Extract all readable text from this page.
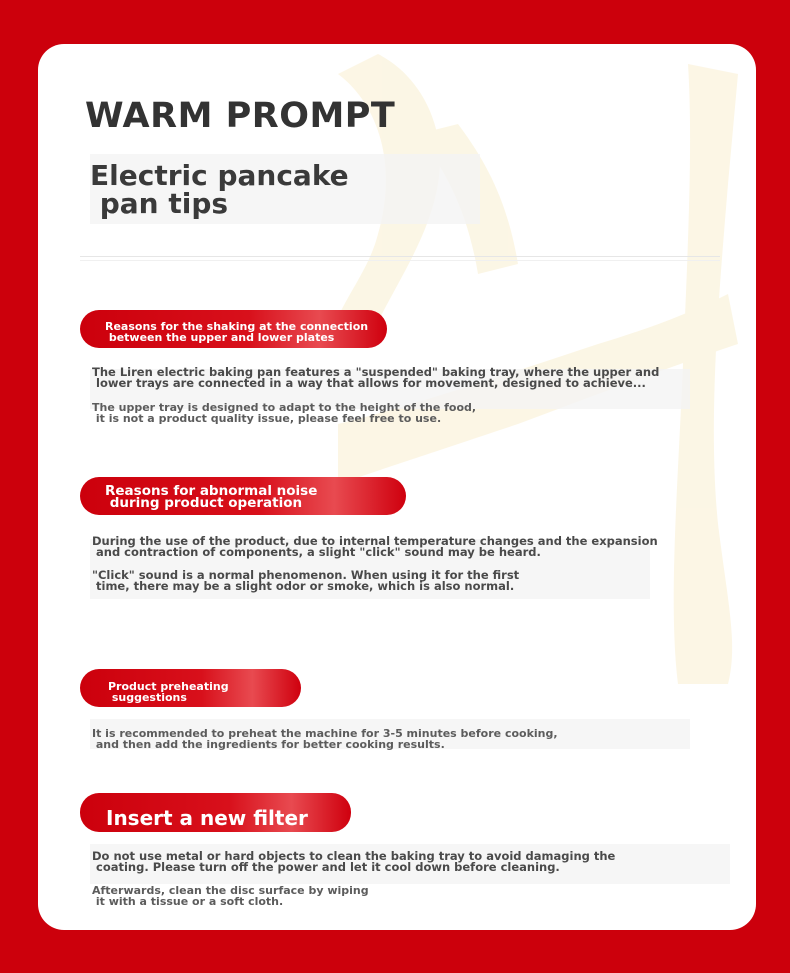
WARM PROMPT
Electric pancake
pan tips
Reasons for the shaking at the connection
between the upper and lower plates

The Liren electric baking pan features a "suspended" baking tray, where the upper and
lower trays are connected in a way that allows for movement, designed to achieve...

The upper tray is designed to adapt to the height of the food,
it is not a product quality issue, please feel free to use.

Reasons for abnormal noise
during product operation

During the use of the product, due to internal temperature changes and the expansion
and contraction of components, a slight "click" sound may be heard.

"Click" sound is a normal phenomenon. When using it for the first
time, there may be a slight odor or smoke, which is also normal.

Product preheating
suggestions

It is recommended to preheat the machine for 3-5 minutes before cooking,
and then add the ingredients for better cooking results.

Insert a new filter

Do not use metal or hard objects to clean the baking tray to avoid damaging the
coating. Please turn off the power and let it cool down before cleaning.

Afterwards, clean the disc surface by wiping
it with a tissue or a soft cloth.
